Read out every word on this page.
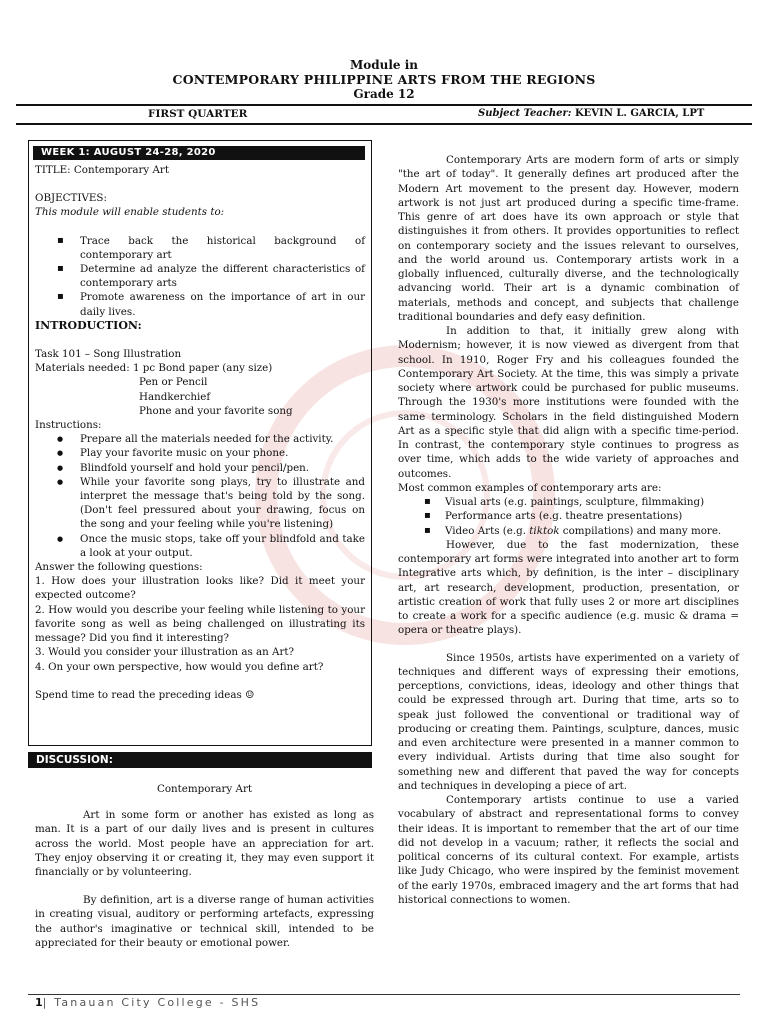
Module in
CONTEMPORARY PHILIPPINE ARTS FROM THE REGIONS
Grade 12
FIRST QUARTER	Subject Teacher: KEVIN L. GARCIA, LPT
WEEK 1: AUGUST 24-28, 2020

TITLE: Contemporary Art

OBJECTIVES:

This module will enable students to:

▪ Trace back the historical background of contemporary art
▪ Determine ad analyze the different characteristics of contemporary arts
▪ Promote awareness on the importance of art in our daily lives.

INTRODUCTION:

Task 101 – Song Illustration

Materials needed: 1 pc Bond paper (any size)

Pen or Pencil

Handkerchief

Phone and your favorite song

Instructions:

● Prepare all the materials needed for the activity.
● Play your favorite music on your phone.
● Blindfold yourself and hold your pencil/pen.
● While your favorite song plays, try to illustrate and interpret the message that's being told by the song. (Don't feel pressured about your drawing, focus on the song and your feeling while you're listening)
● Once the music stops, take off your blindfold and take a look at your output.

Answer the following questions:

1. How does your illustration looks like? Did it meet your expected outcome?

2. How would you describe your feeling while listening to your favorite song as well as being challenged on illustrating its message? Did you find it interesting?

3. Would you consider your illustration as an Art?

4. On your own perspective, how would you define art?

Spend time to read the preceding ideas ☺

DISCUSSION:

Contemporary Art

Art in some form or another has existed as long as man. It is a part of our daily lives and is present in cultures across the world. Most people have an appreciation for art. They enjoy observing it or creating it, they may even support it financially or by volunteering.

By definition, art is a diverse range of human activities in creating visual, auditory or performing artefacts, expressing the author's imaginative or technical skill, intended to be appreciated for their beauty or emotional power.

Contemporary Arts are modern form of arts or simply "the art of today". It generally defines art produced after the Modern Art movement to the present day. However, modern artwork is not just art produced during a specific time-frame. This genre of art does have its own approach or style that distinguishes it from others. It provides opportunities to reflect on contemporary society and the issues relevant to ourselves, and the world around us. Contemporary artists work in a globally influenced, culturally diverse, and the technologically advancing world. Their art is a dynamic combination of materials, methods and concept, and subjects that challenge traditional boundaries and defy easy definition.

In addition to that, it initially grew along with Modernism; however, it is now viewed as divergent from that school. In 1910, Roger Fry and his colleagues founded the Contemporary Art Society. At the time, this was simply a private society where artwork could be purchased for public museums. Through the 1930's more institutions were founded with the same terminology. Scholars in the field distinguished Modern Art as a specific style that did align with a specific time-period. In contrast, the contemporary style continues to progress as over time, which adds to the wide variety of approaches and outcomes.

Most common examples of contemporary arts are:

▪ Visual arts (e.g. paintings, sculpture, filmmaking)
▪ Performance arts (e.g. theatre presentations)
▪ Video Arts (e.g. tiktok compilations) and many more.

However, due to the fast modernization, these contemporary art forms were integrated into another art to form Integrative arts which, by definition, is the inter – disciplinary art, art research, development, production, presentation, or artistic creation of work that fully uses 2 or more art disciplines to create a work for a specific audience (e.g. music & drama = opera or theatre plays).

Since 1950s, artists have experimented on a variety of techniques and different ways of expressing their emotions, perceptions, convictions, ideas, ideology and other things that could be expressed through art. During that time, arts so to speak just followed the conventional or traditional way of producing or creating them. Paintings, sculpture, dances, music and even architecture were presented in a manner common to every individual. Artists during that time also sought for something new and different that paved the way for concepts and techniques in developing a piece of art.

Contemporary artists continue to use a varied vocabulary of abstract and representational forms to convey their ideas. It is important to remember that the art of our time did not develop in a vacuum; rather, it reflects the social and political concerns of its cultural context. For example, artists like Judy Chicago, who were inspired by the feminist movement of the early 1970s, embraced imagery and the art forms that had historical connections to women.

1| Tanauan City College - SHS
